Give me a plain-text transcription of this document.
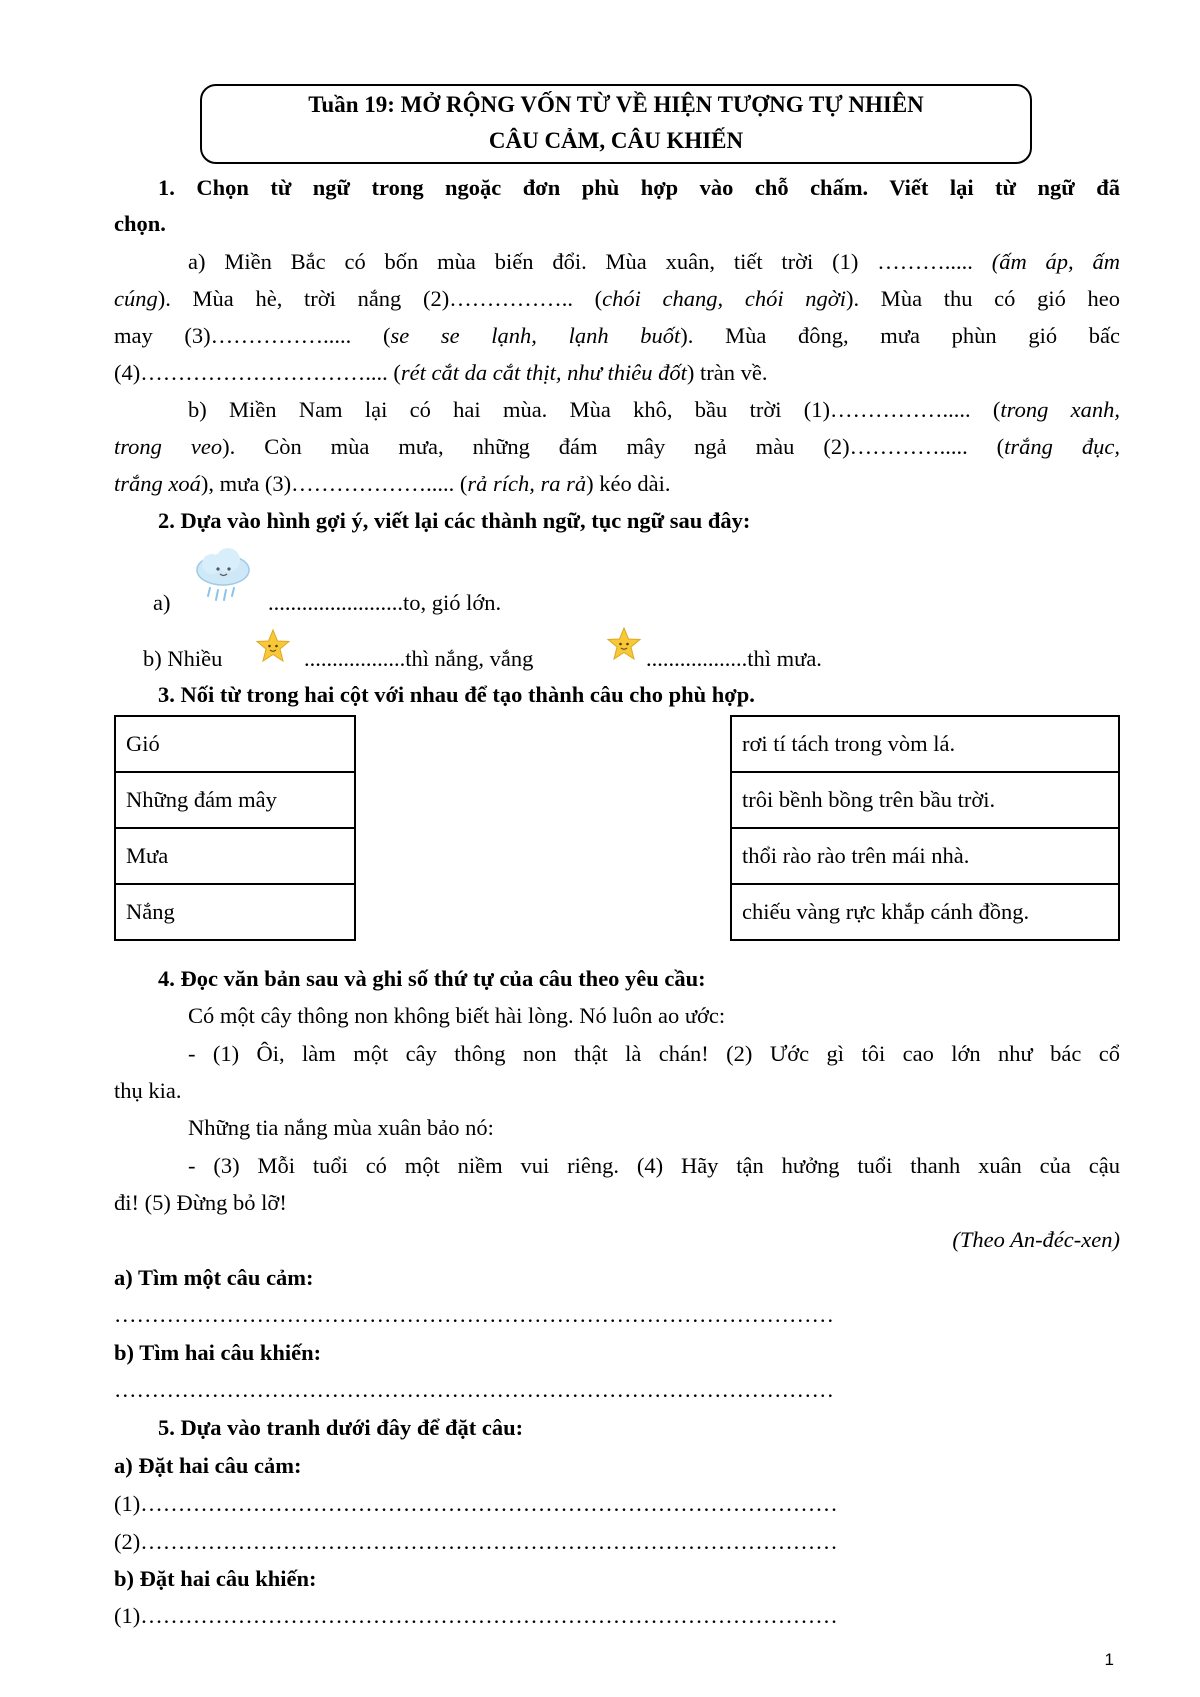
Tuần 19: MỞ RỘNG VỐN TỪ VỀ HIỆN TƯỢNG TỰ NHIÊN
CÂU CẢM, CÂU KHIẾN
1. Chọn từ ngữ trong ngoặc đơn phù hợp vào chỗ chấm. Viết lại từ ngữ đã
chọn.
a) Miền Bắc có bốn mùa biến đổi. Mùa xuân, tiết trời (1) ………..... (ấm áp, ấm
cúng). Mùa hè, trời nắng (2)…………….. (chói chang, chói ngời). Mùa thu có gió heo
may (3)……………..... (se se lạnh, lạnh buốt). Mùa đông, mưa phùn gió bấc
(4)………………………….... (rét cắt da cắt thịt, như thiêu đốt) tràn về.
b) Miền Nam lại có hai mùa. Mùa khô, bầu trời (1)……………..... (trong xanh,
trong veo). Còn mùa mưa, những đám mây ngả màu (2)…………..... (trắng đục,
trắng xoá), mưa (3)………………..... (rả rích, ra rả) kéo dài.
2. Dựa vào hình gợi ý, viết lại các thành ngữ, tục ngữ sau đây:
a)	........................to, gió lớn.
b) Nhiều	..................thì nắng, vắng	..................thì mưa.
3. Nối từ trong hai cột với nhau để tạo thành câu cho phù hợp.
Gió
Những đám mây
Mưa
Nắng
rơi tí tách trong vòm lá.
trôi bềnh bồng trên bầu trời.
thổi rào rào trên mái nhà.
chiếu vàng rực khắp cánh đồng.
4. Đọc văn bản sau và ghi số thứ tự của câu theo yêu cầu:
Có một cây thông non không biết hài lòng. Nó luôn ao ước:
- (1) Ôi, làm một cây thông non thật là chán! (2) Ước gì tôi cao lớn như bác cổ
thụ kia.
Những tia nắng mùa xuân bảo nó:
- (3) Mỗi tuổi có một niềm vui riêng. (4) Hãy tận hưởng tuổi thanh xuân của cậu
đi! (5) Đừng bỏ lỡ!
(Theo An-đéc-xen)
a) Tìm một câu cảm:
……………………………………………………………………………………
b) Tìm hai câu khiến:
……………………………………………………………………………………
5. Dựa vào tranh dưới đây để đặt câu:
a) Đặt hai câu cảm:
(1)…………………………………………………………………………………
(2)…………………………………………………………………………………
b) Đặt hai câu khiến:
(1)…………………………………………………………………………………
1
